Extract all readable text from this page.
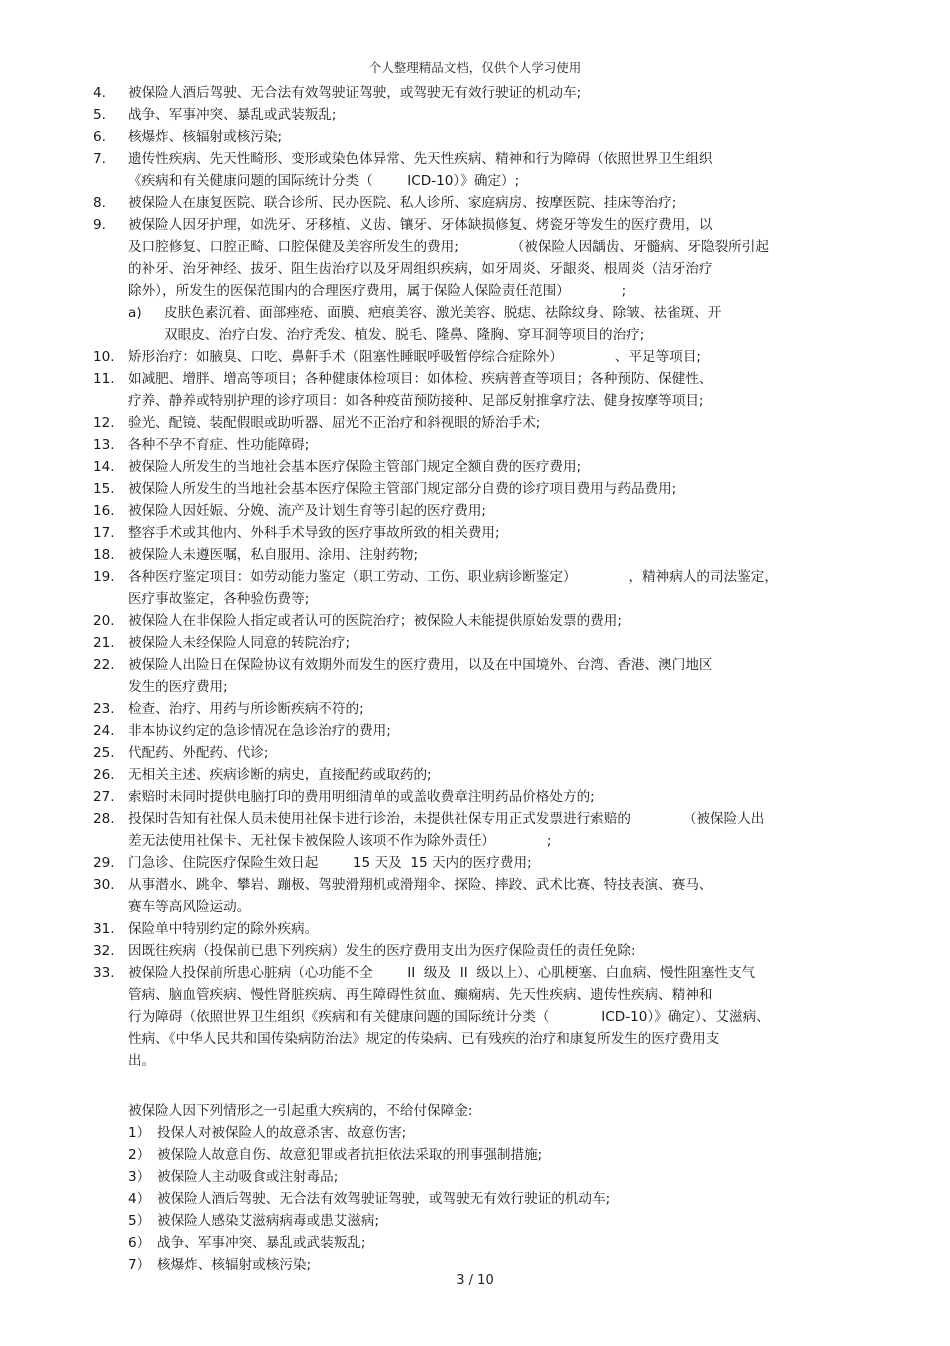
个人整理精品文档，仅供个人学习使用
4.	被保险人酒后驾驶、无合法有效驾驶证驾驶，或驾驶无有效行驶证的机动车;
5.	战争、军事冲突、暴乱或武装叛乱;
6.	核爆炸、核辐射或核污染;
7.	遗传性疾病、先天性畸形、变形或染色体异常、先天性疾病、精神和行为障碍（依照世界卫生组织
《疾病和有关健康问题的国际统计分类（        ICD-10）》确定）;
8.	被保险人在康复医院、联合诊所、民办医院、私人诊所、家庭病房、按摩医院、挂床等治疗;
9.	被保险人因牙护理，如洗牙、牙移植、义齿、镶牙、牙体缺损修复、烤瓷牙等发生的医疗费用，以
及口腔修复、口腔正畸、口腔保健及美容所发生的费用;            （被保险人因龋齿、牙髓病、牙隐裂所引起
的补牙、治牙神经、拔牙、阻生齿治疗以及牙周组织疾病，如牙周炎、牙龈炎、根周炎（洁牙治疗
除外），所发生的医保范围内的合理医疗费用，属于保险人保险责任范围）            ;
a)	皮肤色素沉着、面部痤疮、面膜、疤痕美容、激光美容、脱痣、祛除纹身、除皱、祛雀斑、开
双眼皮、治疗白发、治疗秃发、植发、脱毛、隆鼻、隆胸、穿耳洞等项目的治疗;
10. 矫形治疗：如腋臭、口吃、鼻鼾手术（阻塞性睡眠呼吸暂停综合症除外）            、平足等项目;
11. 如减肥、增胖、增高等项目；各种健康体检项目：如体检、疾病普查等项目；各种预防、保健性、
疗养、静养或特别护理的诊疗项目：如各种疫苗预防接种、足部反射推拿疗法、健身按摩等项目;
12. 验光、配镜、装配假眼或助听器、屈光不正治疗和斜视眼的矫治手术;
13. 各种不孕不育症、性功能障碍;
14. 被保险人所发生的当地社会基本医疗保险主管部门规定全额自费的医疗费用;
15. 被保险人所发生的当地社会基本医疗保险主管部门规定部分自费的诊疗项目费用与药品费用;
16. 被保险人因妊娠、分娩、流产及计划生育等引起的医疗费用;
17. 整容手术或其他内、外科手术导致的医疗事故所致的相关费用;
18. 被保险人未遵医嘱，私自服用、涂用、注射药物;
19. 各种医疗鉴定项目：如劳动能力鉴定（职工劳动、工伤、职业病诊断鉴定）            ，精神病人的司法鉴定，
医疗事故鉴定，各种验伤费等;
20. 被保险人在非保险人指定或者认可的医院治疗；被保险人未能提供原始发票的费用;
21. 被保险人未经保险人同意的转院治疗;
22. 被保险人出险日在保险协议有效期外而发生的医疗费用，以及在中国境外、台湾、香港、澳门地区
发生的医疗费用;
23. 检查、治疗、用药与所诊断疾病不符的;
24. 非本协议约定的急诊情况在急诊治疗的费用;
25. 代配药、外配药、代诊;
26. 无相关主述、疾病诊断的病史，直接配药或取药的;
27. 索赔时未同时提供电脑打印的费用明细清单的或盖收费章注明药品价格处方的;
28. 投保时告知有社保人员未使用社保卡进行诊治，未提供社保专用正式发票进行索赔的            （被保险人出
差无法使用社保卡、无社保卡被保险人该项不作为除外责任）            ;
29. 门急诊、住院医疗保险生效日起        15 天及  15 天内的医疗费用;
30. 从事潜水、跳伞、攀岩、蹦极、驾驶滑翔机或滑翔伞、探险、摔跤、武术比赛、特技表演、赛马、
赛车等高风险运动。
31. 保险单中特别约定的除外疾病。
32. 因既往疾病（投保前已患下列疾病）发生的医疗费用支出为医疗保险责任的责任免除:
33. 被保险人投保前所患心脏病（心功能不全        II  级及  II  级以上）、心肌梗塞、白血病、慢性阻塞性支气
管病、脑血管疾病、慢性肾脏疾病、再生障碍性贫血、癫痫病、先天性疾病、遗传性疾病、精神和
行为障碍（依照世界卫生组织《疾病和有关健康问题的国际统计分类（            ICD-10）》确定）、艾滋病、
性病、《中华人民共和国传染病防治法》规定的传染病、已有残疾的治疗和康复所发生的医疗费用支
出。
被保险人因下列情形之一引起重大疾病的，不给付保障金:
1） 投保人对被保险人的故意杀害、故意伤害;
2） 被保险人故意自伤、故意犯罪或者抗拒依法采取的刑事强制措施;
3） 被保险人主动吸食或注射毒品;
4） 被保险人酒后驾驶、无合法有效驾驶证驾驶，或驾驶无有效行驶证的机动车;
5） 被保险人感染艾滋病病毒或患艾滋病;
6） 战争、军事冲突、暴乱或武装叛乱;
7） 核爆炸、核辐射或核污染;
3 / 10
